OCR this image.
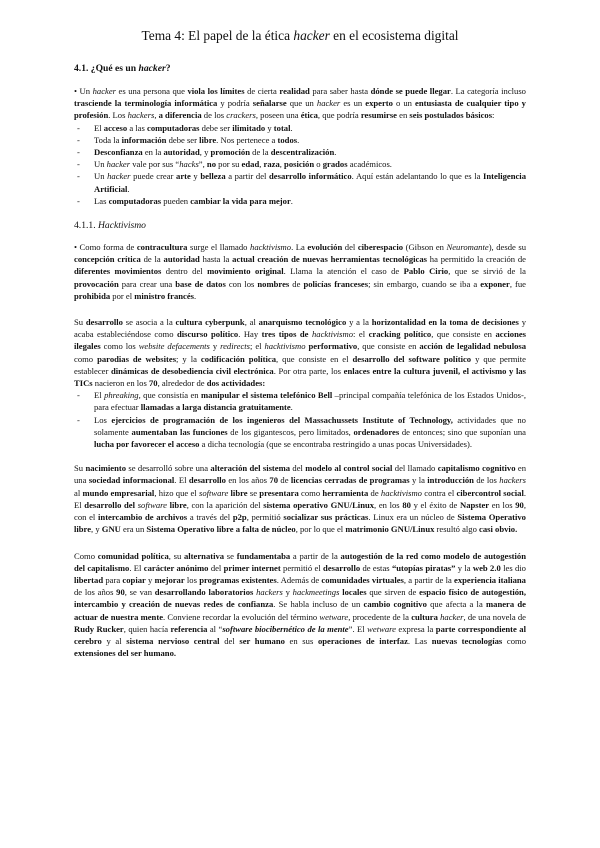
Tema 4: El papel de la ética hacker en el ecosistema digital
4.1. ¿Qué es un hacker?

• Un hacker es una persona que viola los límites de cierta realidad para saber hasta dónde se puede llegar. La categoría incluso trasciende la terminología informática y podría señalarse que un hacker es un experto o un entusiasta de cualquier tipo y profesión. Los hackers, a diferencia de los crackers, poseen una ética, que podría resumirse en seis postulados básicos:

- El acceso a las computadoras debe ser ilimitado y total.
- Toda la información debe ser libre. Nos pertenece a todos.
- Desconfianza en la autoridad, y promoción de la descentralización.
- Un hacker vale por sus “hacks”, no por su edad, raza, posición o grados académicos.
- Un hacker puede crear arte y belleza a partir del desarrollo informático. Aquí están adelantando lo que es la Inteligencia Artificial.
- Las computadoras pueden cambiar la vida para mejor.
4.1.1. Hacktivismo

• Como forma de contracultura surge el llamado hacktivismo. La evolución del ciberespacio (Gibson en Neuromante), desde su concepción crítica de la autoridad hasta la actual creación de nuevas herramientas tecnológicas ha permitido la creación de diferentes movimientos dentro del movimiento original. Llama la atención el caso de Pablo Cirio, que se sirvió de la provocación para crear una base de datos con los nombres de policías franceses; sin embargo, cuando se iba a exponer, fue prohibida por el ministro francés.

Su desarrollo se asocia a la cultura cyberpunk, al anarquismo tecnológico y a la horizontalidad en la toma de decisiones y acaba estableciéndose como discurso político. Hay tres tipos de hacktivismo: el cracking político, que consiste en acciones ilegales como los website defacements y redirects; el hacktivismo performativo, que consiste en acción de legalidad nebulosa como parodias de websites; y la codificación política, que consiste en el desarrollo del software político y que permite establecer dinámicas de desobediencia civil electrónica. Por otra parte, los enlaces entre la cultura juvenil, el activismo y las TICs nacieron en los 70, alrededor de dos actividades:

- El phreaking, que consistía en manipular el sistema telefónico Bell –principal compañía telefónica de los Estados Unidos-, para efectuar llamadas a larga distancia gratuitamente.
- Los ejercicios de programación de los ingenieros del Massachussets Institute of Technology, actividades que no solamente aumentaban las funciones de los gigantescos, pero limitados, ordenadores de entonces; sino que suponían una lucha por favorecer el acceso a dicha tecnología (que se encontraba restringido a unas pocas Universidades).

Su nacimiento se desarrolló sobre una alteración del sistema del modelo al control social del llamado capitalismo cognitivo en una sociedad informacional. El desarrollo en los años 70 de licencias cerradas de programas y la introducción de los hackers al mundo empresarial, hizo que el software libre se presentara como herramienta de hacktivismo contra el cibercontrol social. El desarrollo del software libre, con la aparición del sistema operativo GNU/Linux, en los 80 y el éxito de Napster en los 90, con el intercambio de archivos a través del p2p, permitió socializar sus prácticas. Linux era un núcleo de Sistema Operativo libre, y GNU era un Sistema Operativo libre a falta de núcleo, por lo que el matrimonio GNU/Linux resultó algo casi obvio.

Como comunidad política, su alternativa se fundamentaba a partir de la autogestión de la red como modelo de autogestión del capitalismo. El carácter anónimo del primer internet permitió el desarrollo de estas “utopías piratas” y la web 2.0 les dio libertad para copiar y mejorar los programas existentes. Además de comunidades virtuales, a partir de la experiencia italiana de los años 90, se van desarrollando laboratorios hackers y hackmeetings locales que sirven de espacio físico de autogestión, intercambio y creación de nuevas redes de confianza. Se habla incluso de un cambio cognitivo que afecta a la manera de actuar de nuestra mente. Conviene recordar la evolución del término wetware, procedente de la cultura hacker, de una novela de Rudy Rucker, quien hacía referencia al “software biocibernético de la mente”. El wetware expresa la parte correspondiente al cerebro y al sistema nervioso central del ser humano en sus operaciones de interfaz. Las nuevas tecnologías como extensiones del ser humano.
